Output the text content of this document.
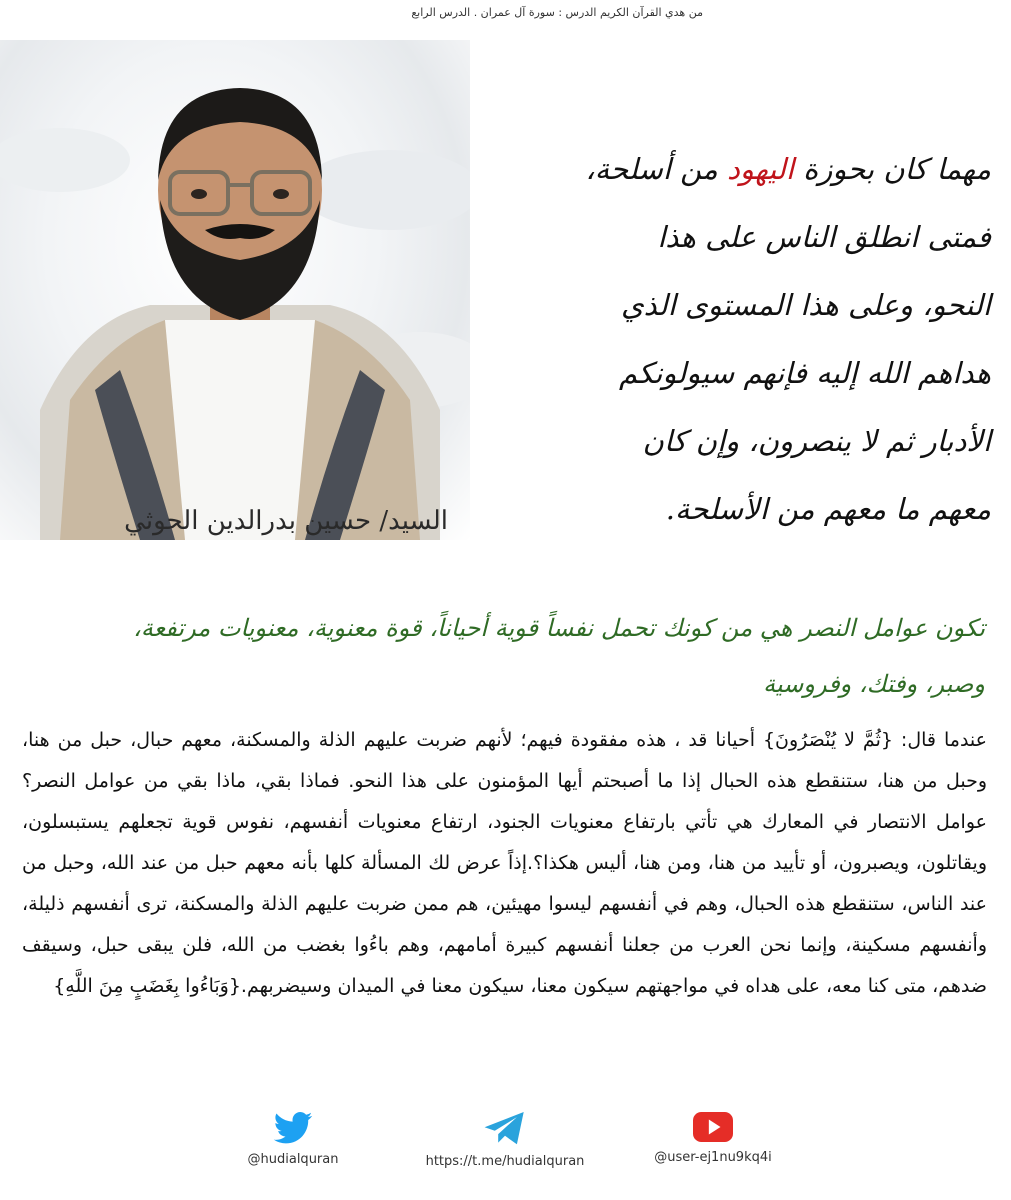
من هدي القرآن الكريم الدرس : سورة آل عمران . الدرس الرابع
السيد/ حسين بدرالدين الحوثي
مهما كان بحوزة اليهود من أسلحة،
فمتى انطلق الناس على هذا
النحو، وعلى هذا المستوى الذي
هداهم الله إليه فإنهم سيولونكم
الأدبار ثم لا ينصرون، وإن كان
معهم ما معهم من الأسلحة.
تكون عوامل النصر هي من كونك تحمل نفساً قوية أحياناً، قوة معنوية، معنويات مرتفعة، وصبر، وفتك، وفروسية
عندما قال: {ثُمَّ لا يُنْصَرُونَ} أحيانا قد ، هذه مفقودة فيهم؛ لأنهم ضربت عليهم الذلة والمسكنة، معهم حبال، حبل من هنا، وحبل من هنا، ستنقطع هذه الحبال إذا ما أصبحتم أيها المؤمنون على هذا النحو. فماذا بقي، ماذا بقي من عوامل النصر؟ عوامل الانتصار في المعارك هي تأتي بارتفاع معنويات الجنود، ارتفاع معنويات أنفسهم، نفوس قوية تجعلهم يستبسلون، ويقاتلون، ويصبرون، أو تأييد من هنا، ومن هنا، أليس هكذا؟.إذاً عرض لك المسألة كلها بأنه معهم حبل من عند الله، وحبل من عند الناس، ستنقطع هذه الحبال، وهم في أنفسهم ليسوا مهيئين، هم ممن ضربت عليهم الذلة والمسكنة، ترى أنفسهم ذليلة، وأنفسهم مسكينة، وإنما نحن العرب من جعلنا أنفسهم كبيرة أمامهم، وهم باءُوا بغضب من الله، فلن يبقى حبل، وسيقف ضدهم، متى كنا معه، على هداه في مواجهتهم سيكون معنا، سيكون معنا في الميدان وسيضربهم.{وَبَاءُوا بِغَضَبٍ مِنَ اللَّهِ}
@hudialquran	https://t.me/hudialquran	@user-ej1nu9kq4i
